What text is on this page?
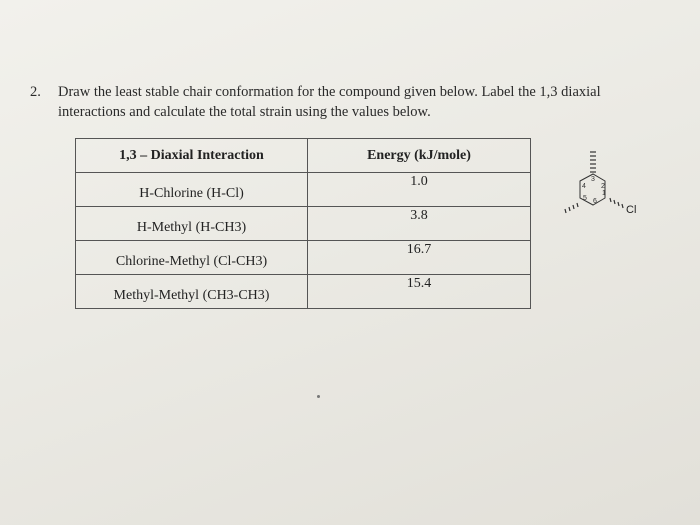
2. Draw the least stable chair conformation for the compound given below. Label the 1,3 diaxial interactions and calculate the total strain using the values below.
1,3 – Diaxial Interaction	Energy (kJ/mole)
H-Chlorine (H-Cl)	1.0
H-Methyl (H-CH3)	3.8
Chlorine-Methyl (Cl-CH3)	16.7
Methyl-Methyl (CH3-CH3)	15.4
1
2
3
4
5 6
Cl
